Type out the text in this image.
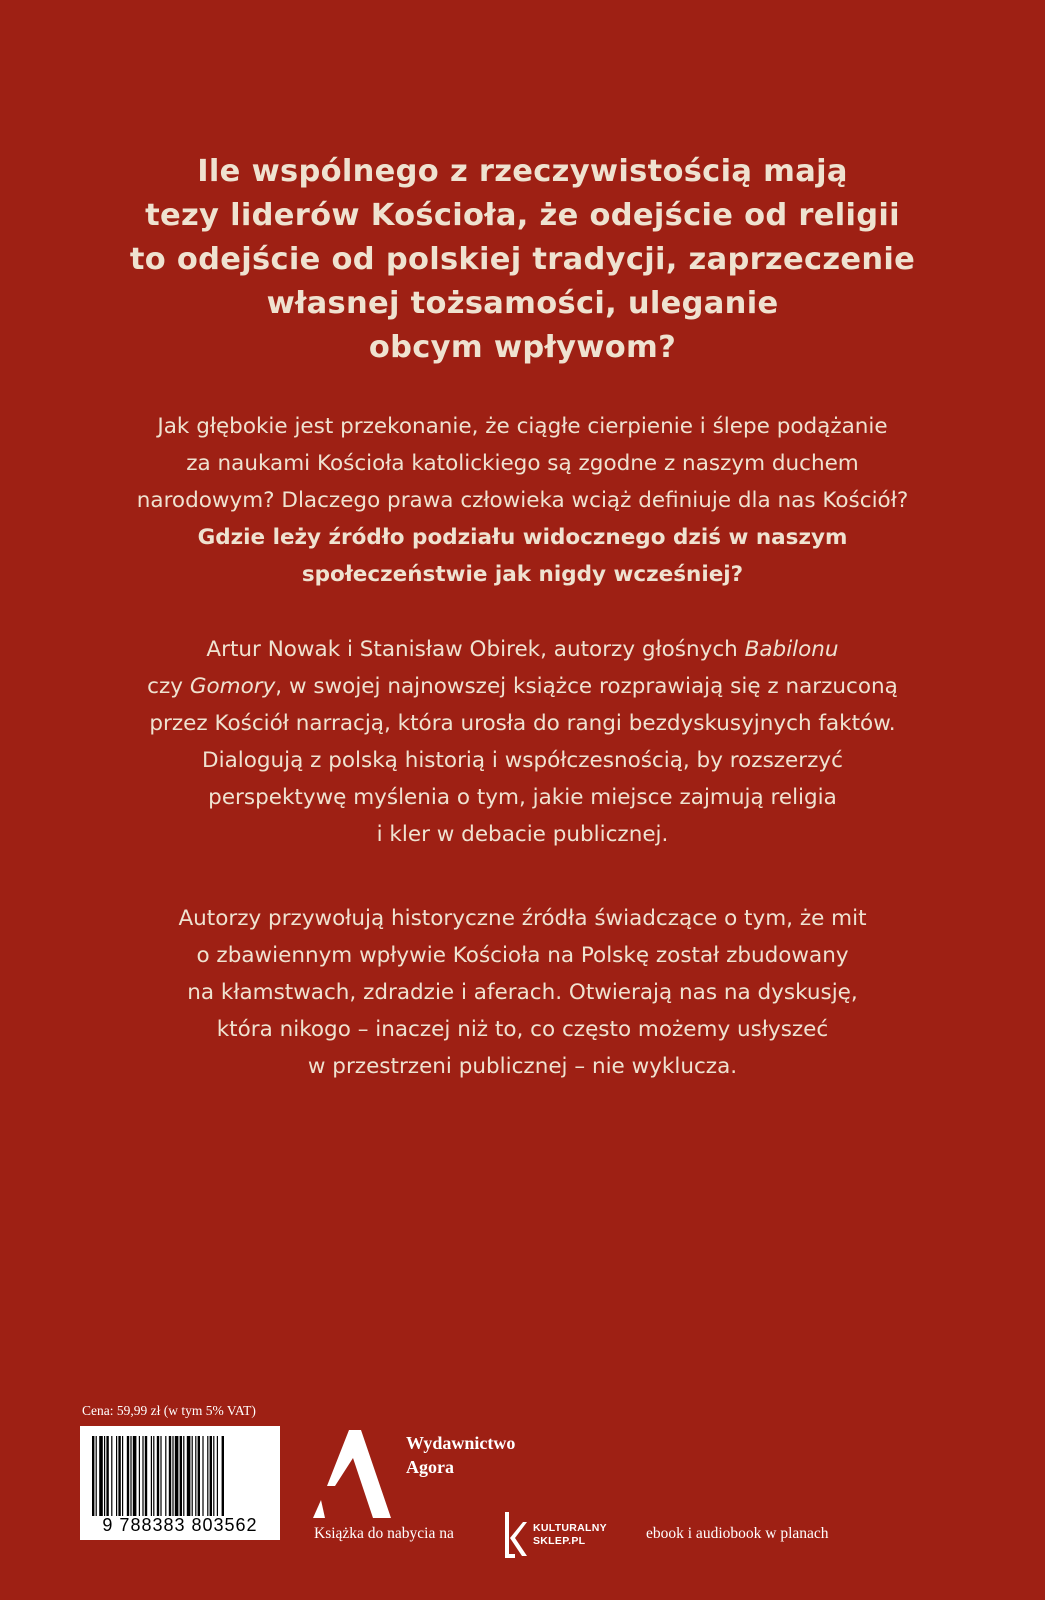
Ile wspólnego z rzeczywistością mają
tezy liderów Kościoła, że odejście od religii
to odejście od polskiej tradycji, zaprzeczenie
własnej tożsamości, uleganie
obcym wpływom?
Jak głębokie jest przekonanie, że ciągłe cierpienie i ślepe podążanie
za naukami Kościoła katolickiego są zgodne z naszym duchem
narodowym? Dlaczego prawa człowieka wciąż definiuje dla nas Kościół?
Gdzie leży źródło podziału widocznego dziś w naszym
społeczeństwie jak nigdy wcześniej?
Artur Nowak i Stanisław Obirek, autorzy głośnych Babilonu
czy Gomory, w swojej najnowszej książce rozprawiają się z narzuconą
przez Kościół narracją, która urosła do rangi bezdyskusyjnych faktów.
Dialogują z polską historią i współczesnością, by rozszerzyć
perspektywę myślenia o tym, jakie miejsce zajmują religia
i kler w debacie publicznej.
Autorzy przywołują historyczne źródła świadczące o tym, że mit
o zbawiennym wpływie Kościoła na Polskę został zbudowany
na kłamstwach, zdradzie i aferach. Otwierają nas na dyskusję,
która nikogo – inaczej niż to, co często możemy usłyszeć
w przestrzeni publicznej – nie wyklucza.
Cena: 59,99 zł (w tym 5% VAT)
9 788383 803562
Wydawnictwo
Agora
Książka do nabycia na	KULTURALNY
SKLEP.PL	ebook i audiobook w planach
